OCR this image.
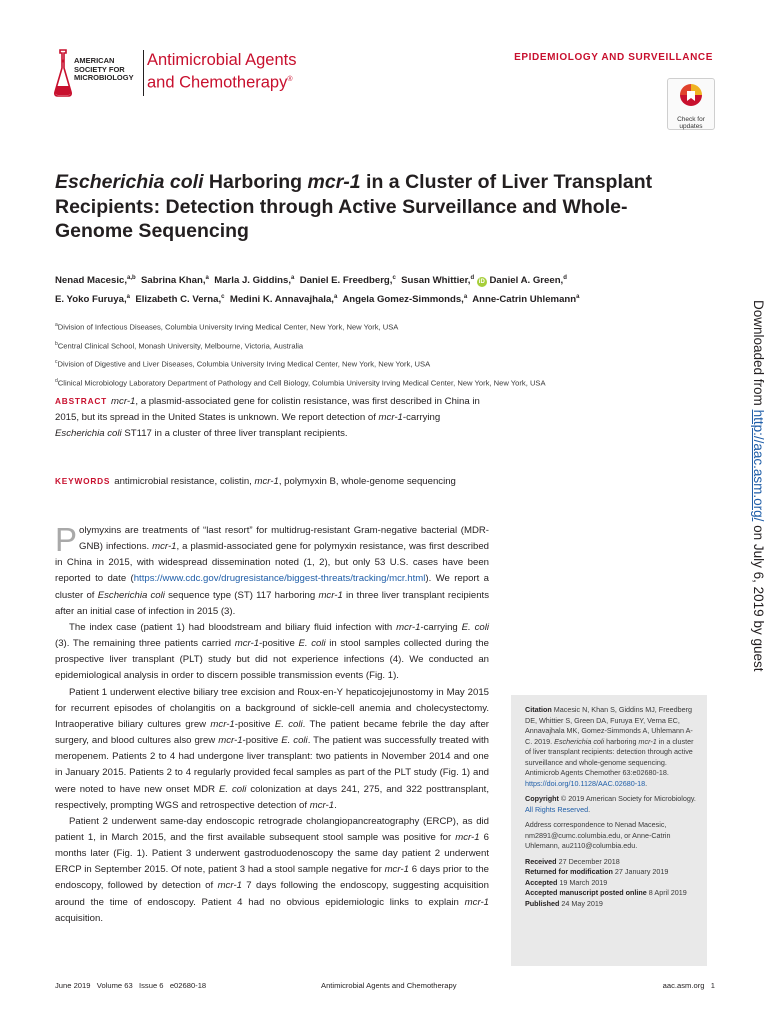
AMERICAN
SOCIETY FOR
MICROBIOLOGY
Antimicrobial Agents
and Chemotherapy®
EPIDEMIOLOGY AND SURVEILLANCE
Check for updates
Escherichia coli Harboring mcr-1 in a Cluster of Liver Transplant Recipients: Detection through Active Surveillance and Whole-Genome Sequencing
Nenad Macesic,$^{a,b}$ Sabrina Khan,$^a$ Marla J. Giddins,$^a$ Daniel E. Freedberg,$^c$ Susan Whittier,$^d$ iD Daniel A. Green,$^d$
E. Yoko Furuya,$^a$ Elizabeth C. Verna,$^c$ Medini K. Annavajhala,$^a$ Angela Gomez-Simmonds,$^a$ Anne-Catrin Uhlemann$^a$
$^a$Division of Infectious Diseases, Columbia University Irving Medical Center, New York, New York, USA
$^b$Central Clinical School, Monash University, Melbourne, Victoria, Australia
$^c$Division of Digestive and Liver Diseases, Columbia University Irving Medical Center, New York, New York, USA
$^d$Clinical Microbiology Laboratory Department of Pathology and Cell Biology, Columbia University Irving Medical Center, New York, New York, USA
ABSTRACT mcr-1, a plasmid-associated gene for colistin resistance, was first described in China in 2015, but its spread in the United States is unknown. We report detection of mcr-1-carrying Escherichia coli ST117 in a cluster of three liver transplant recipients.
KEYWORDS antimicrobial resistance, colistin, mcr-1, polymyxin B, whole-genome sequencing

Polymyxins are treatments of “last resort” for multidrug-resistant Gram-negative bacterial (MDR-GNB) infections. mcr-1, a plasmid-associated gene for polymyxin resistance, was first described in China in 2015, with widespread dissemination noted (1, 2), but only 53 U.S. cases have been reported to date (https://www.cdc.gov/drugresistance/biggest-threats/tracking/mcr.html). We report a cluster of Escherichia coli sequence type (ST) 117 harboring mcr-1 in three liver transplant recipients after an initial case of infection in 2015 (3).

The index case (patient 1) had bloodstream and biliary fluid infection with mcr-1-carrying E. coli (3). The remaining three patients carried mcr-1-positive E. coli in stool samples collected during the prospective liver transplant (PLT) study but did not experience infections (4). We conducted an epidemiological analysis in order to discern possible transmission events (Fig. 1).

Patient 1 underwent elective biliary tree excision and Roux-en-Y hepaticojejunostomy in May 2015 for recurrent episodes of cholangitis on a background of sickle-cell anemia and cholecystectomy. Intraoperative biliary cultures grew mcr-1-positive E. coli. The patient became febrile the day after surgery, and blood cultures also grew mcr-1-positive E. coli. The patient was successfully treated with meropenem. Patients 2 to 4 had undergone liver transplant: two patients in November 2014 and one in January 2015. Patients 2 to 4 regularly provided fecal samples as part of the PLT study (Fig. 1) and were noted to have new onset MDR E. coli colonization at days 241, 275, and 322 posttransplant, respectively, prompting WGS and retrospective detection of mcr-1.

Patient 2 underwent same-day endoscopic retrograde cholangiopancreatography (ERCP), as did patient 1, in March 2015, and the first available subsequent stool sample was positive for mcr-1 6 months later (Fig. 1). Patient 3 underwent gastroduodenoscopy the same day patient 2 underwent ERCP in September 2015. Of note, patient 3 had a stool sample negative for mcr-1 6 days prior to the endoscopy, followed by detection of mcr-1 7 days following the endoscopy, suggesting acquisition around the time of endoscopy. Patient 4 had no obvious epidemiologic links to explain mcr-1 acquisition.

Citation Macesic N, Khan S, Giddins MJ, Freedberg DE, Whittier S, Green DA, Furuya EY, Verna EC, Annavajhala MK, Gomez-Simmonds A, Uhlemann A-C. 2019. Escherichia coli harboring mcr-1 in a cluster of liver transplant recipients: detection through active surveillance and whole-genome sequencing. Antimicrob Agents Chemother 63:e02680-18. https://doi.org/10.1128/AAC.02680-18.
Copyright © 2019 American Society for Microbiology. All Rights Reserved.
Address correspondence to Nenad Macesic, nm2891@cumc.columbia.edu, or Anne-Catrin Uhlemann, au2110@columbia.edu.
Received 27 December 2018
Returned for modification 27 January 2019
Accepted 19 March 2019
Accepted manuscript posted online 8 April 2019
Published 24 May 2019
June 2019   Volume 63   Issue 6   e02680-18	Antimicrobial Agents and Chemotherapy	aac.asm.org   1
Downloaded from http://aac.asm.org/ on July 6, 2019 by guest
